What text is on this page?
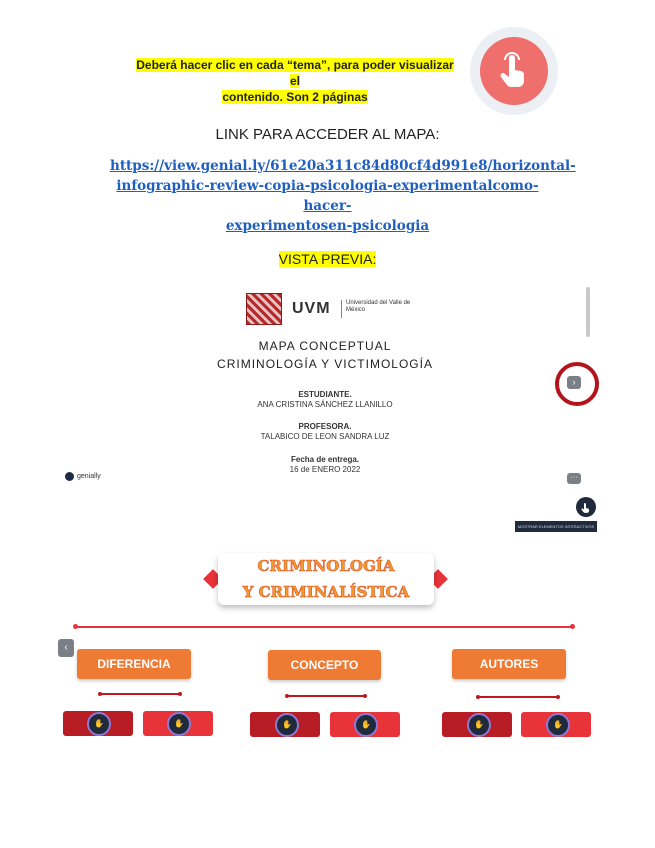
Deberá hacer clic en cada “tema”, para poder visualizar el
contenido. Son 2 páginas
LINK PARA ACCEDER AL MAPA:
https://view.genial.ly/61e20a311c84d80cf4d991e8/horizontal-
infographic-review-copia-psicologia-experimentalcomo-hacer-
experimentosen-psicologia
VISTA PREVIA:
UVM	Universidad del Valle de México
MAPA CONCEPTUAL
CRIMINOLOGÍA Y VICTIMOLOGÍA
ESTUDIANTE.
ANA CRISTINA SÁNCHEZ LLANILLO
PROFESORA.
TALABICO DE LEON SANDRA LUZ
Fecha de entrega.
16 de ENERO 2022
›
genially	···
MOSTRAR ELEMENTOS INTERACTIVOS
CRIMINOLOGÍA
Y CRIMINALÍSTICA
‹
DIFERENCIA	CONCEPTO	AUTORES
✋	✋	✋	✋	✋	✋
